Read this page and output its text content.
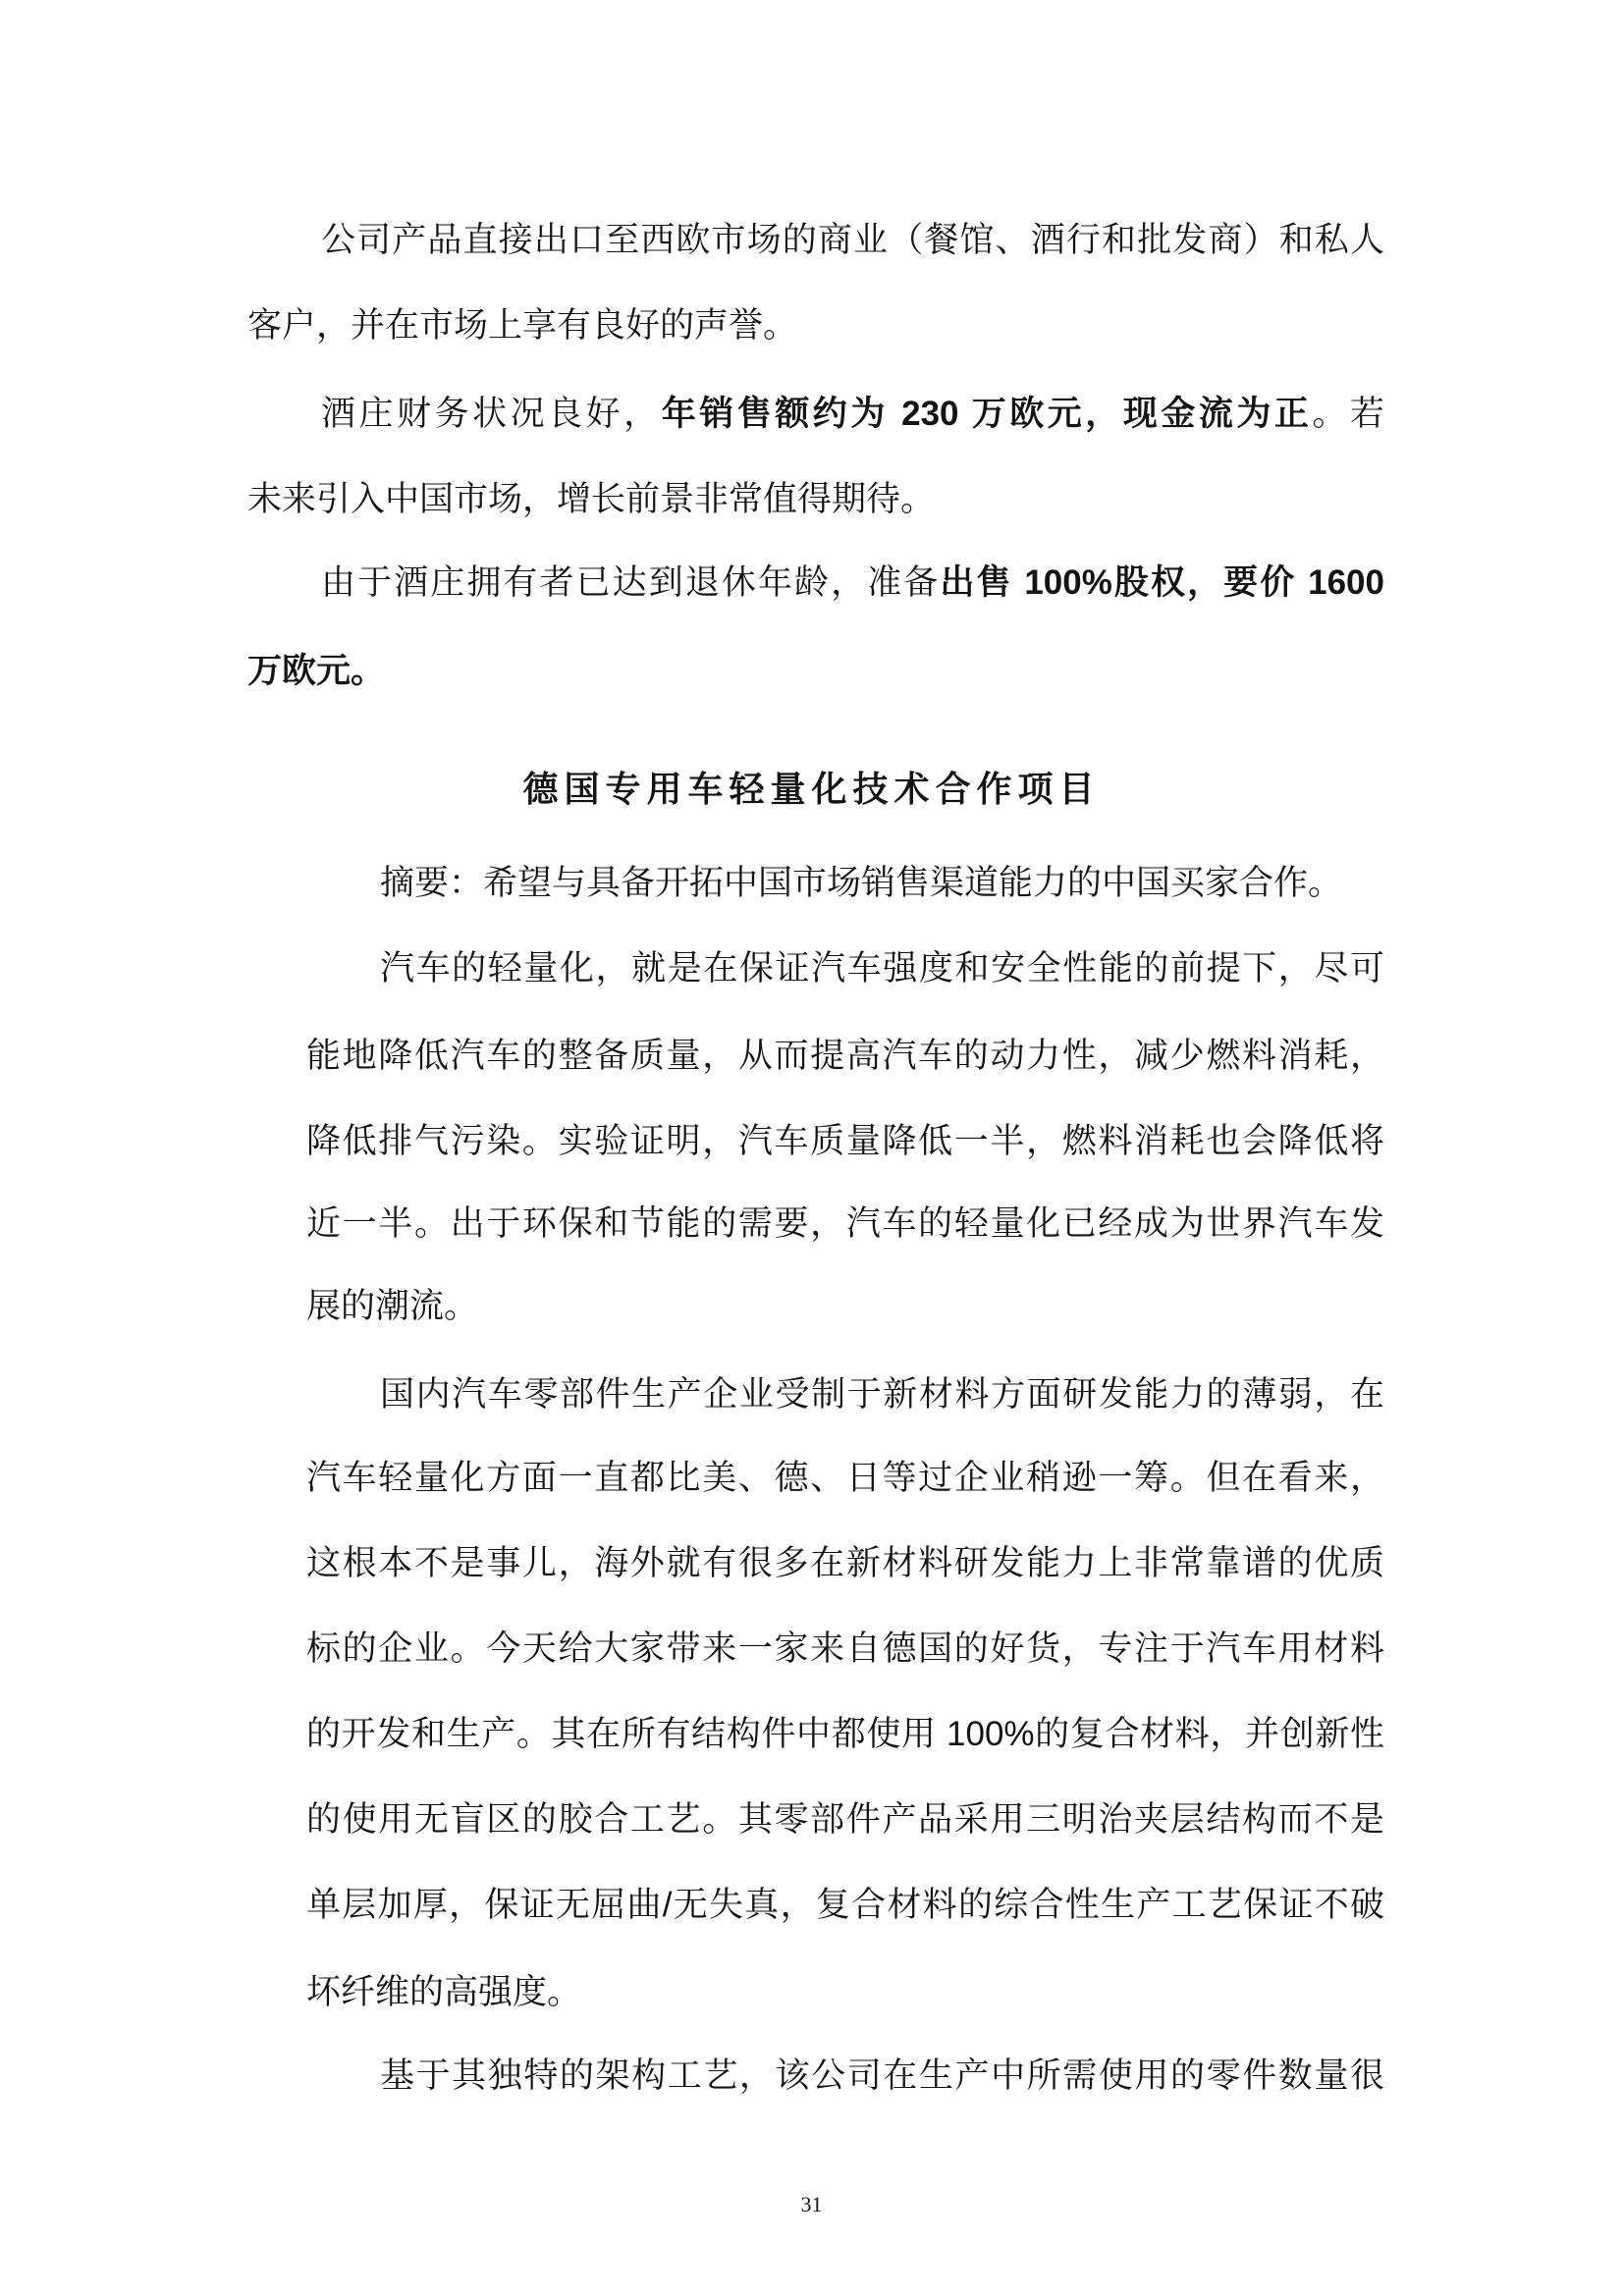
公司产品直接出口至西欧市场的商业（餐馆、酒行和批发商）和私人
客户，并在市场上享有良好的声誉。
酒庄财务状况良好，年销售额约为 230 万欧元，现金流为正。若
未来引入中国市场，增长前景非常值得期待。
由于酒庄拥有者已达到退休年龄，准备出售 100%股权，要价 1600
万欧元。
德国专用车轻量化技术合作项目
摘要：希望与具备开拓中国市场销售渠道能力的中国买家合作。
汽车的轻量化，就是在保证汽车强度和安全性能的前提下，尽可
能地降低汽车的整备质量，从而提高汽车的动力性，减少燃料消耗，
降低排气污染。实验证明，汽车质量降低一半，燃料消耗也会降低将
近一半。出于环保和节能的需要，汽车的轻量化已经成为世界汽车发
展的潮流。
国内汽车零部件生产企业受制于新材料方面研发能力的薄弱，在
汽车轻量化方面一直都比美、德、日等过企业稍逊一筹。但在看来，
这根本不是事儿，海外就有很多在新材料研发能力上非常靠谱的优质
标的企业。今天给大家带来一家来自德国的好货，专注于汽车用材料
的开发和生产。其在所有结构件中都使用 100%的复合材料，并创新性
的使用无盲区的胶合工艺。其零部件产品采用三明治夹层结构而不是
单层加厚，保证无屈曲/无失真，复合材料的综合性生产工艺保证不破
坏纤维的高强度。
基于其独特的架构工艺，该公司在生产中所需使用的零件数量很
31
